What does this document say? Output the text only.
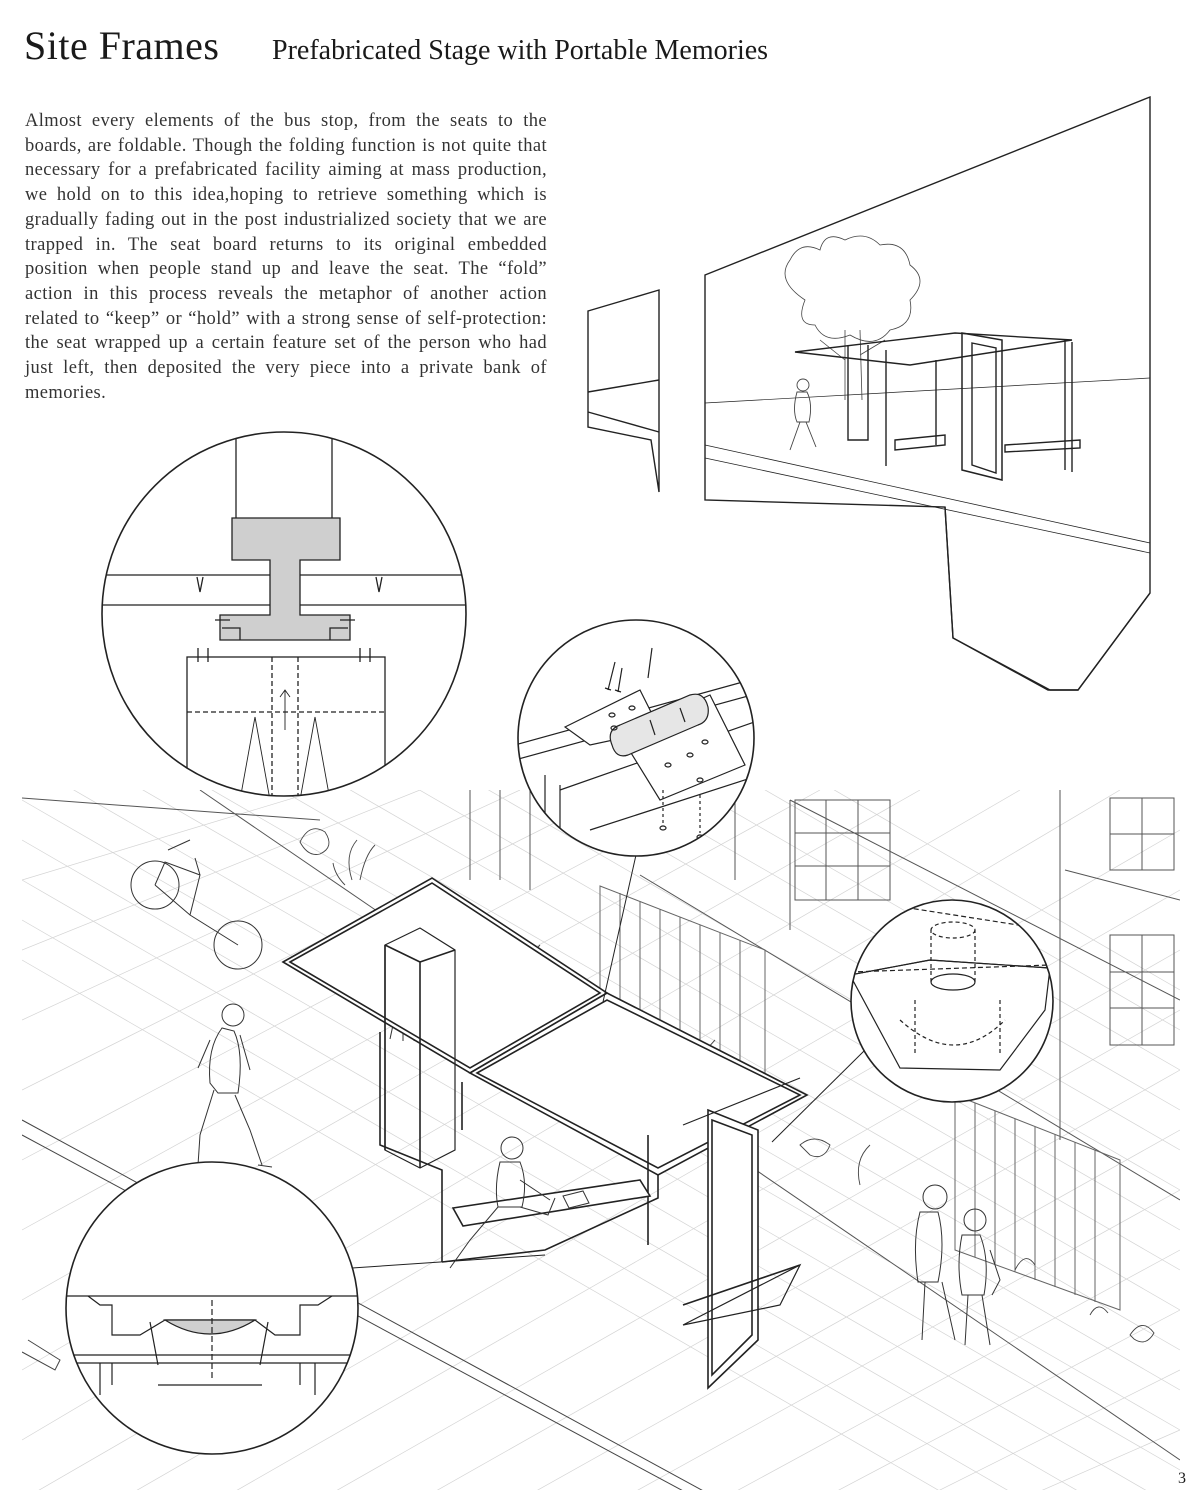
Site Frames Prefabricated Stage with Portable Memories
Almost every elements of the bus stop, from the seats to the boards, are foldable. Though the folding function is not quite that necessary for a prefabricated facility aiming at mass production, we hold on to this idea,hoping to retrieve something which is gradually fading out in the post industrialized society that we are trapped in. The seat board returns to its original embedded position when people stand up and leave the seat. The “fold” action in this process reveals the metaphor of another action related to “keep” or “hold” with a strong sense of self-protection: the seat wrapped up a certain feature set of the person who had just left, then deposited the very piece into a private bank of memories.
3
